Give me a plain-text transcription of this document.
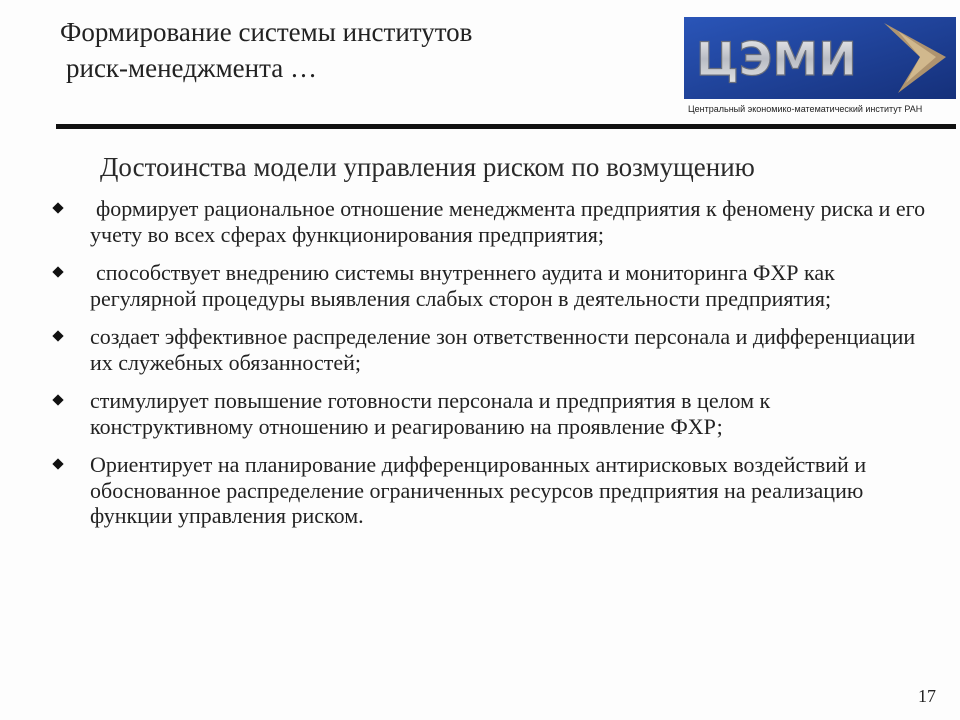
Формирование системы институтов
риск-менеджмента …	ЦЭМИ
Центральный экономико-математический институт РАН
Достоинства модели управления риском по возмущению
формирует рациональное отношение менеджмента предприятия к феномену риска и его учету во всех сферах функционирования предприятия;
способствует внедрению системы внутреннего аудита и мониторинга ФХР как регулярной процедуры выявления слабых сторон в деятельности предприятия;
создает эффективное распределение зон ответственности персонала и дифференциации их служебных обязанностей;
стимулирует повышение готовности персонала и предприятия в целом к конструктивному отношению и реагированию на проявление ФХР;
Ориентирует на планирование дифференцированных антирисковых воздействий и обоснованное распределение ограниченных ресурсов предприятия на реализацию функции управления риском.
17
